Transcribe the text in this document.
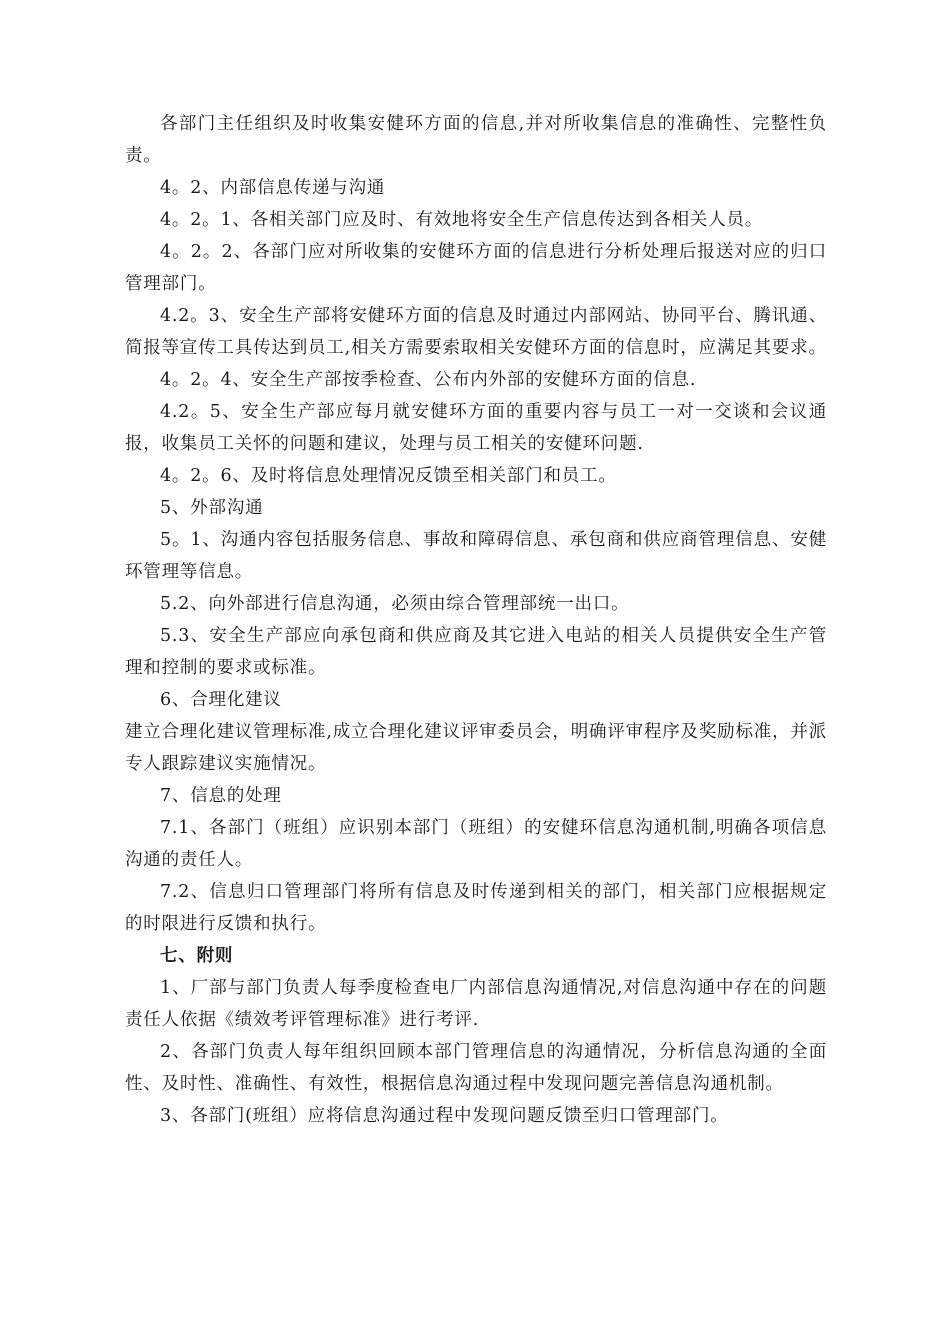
各部门主任组织及时收集安健环方面的信息,并对所收集信息的准确性、完整性负责。

4。2、内部信息传递与沟通

4。2。1、各相关部门应及时、有效地将安全生产信息传达到各相关人员。

4。2。2、各部门应对所收集的安健环方面的信息进行分析处理后报送对应的归口管理部门。

4.2。3、安全生产部将安健环方面的信息及时通过内部网站、协同平台、腾讯通、简报等宣传工具传达到员工,相关方需要索取相关安健环方面的信息时，应满足其要求。

4。2。4、安全生产部按季检查、公布内外部的安健环方面的信息.

4.2。5、安全生产部应每月就安健环方面的重要内容与员工一对一交谈和会议通报，收集员工关怀的问题和建议，处理与员工相关的安健环问题.

4。2。6、及时将信息处理情况反馈至相关部门和员工。

5、外部沟通

5。1、沟通内容包括服务信息、事故和障碍信息、承包商和供应商管理信息、安健环管理等信息。

5.2、向外部进行信息沟通，必须由综合管理部统一出口。

5.3、安全生产部应向承包商和供应商及其它进入电站的相关人员提供安全生产管理和控制的要求或标准。

6、合理化建议

建立合理化建议管理标准,成立合理化建议评审委员会，明确评审程序及奖励标准，并派专人跟踪建议实施情况。

7、信息的处理

7.1、各部门（班组）应识别本部门（班组）的安健环信息沟通机制,明确各项信息沟通的责任人。

7.2、信息归口管理部门将所有信息及时传递到相关的部门，相关部门应根据规定的时限进行反馈和执行。

七、附则

1、厂部与部门负责人每季度检查电厂内部信息沟通情况,对信息沟通中存在的问题责任人依据《绩效考评管理标准》进行考评.

2、各部门负责人每年组织回顾本部门管理信息的沟通情况，分析信息沟通的全面性、及时性、准确性、有效性，根据信息沟通过程中发现问题完善信息沟通机制。

3、各部门(班组）应将信息沟通过程中发现问题反馈至归口管理部门。
